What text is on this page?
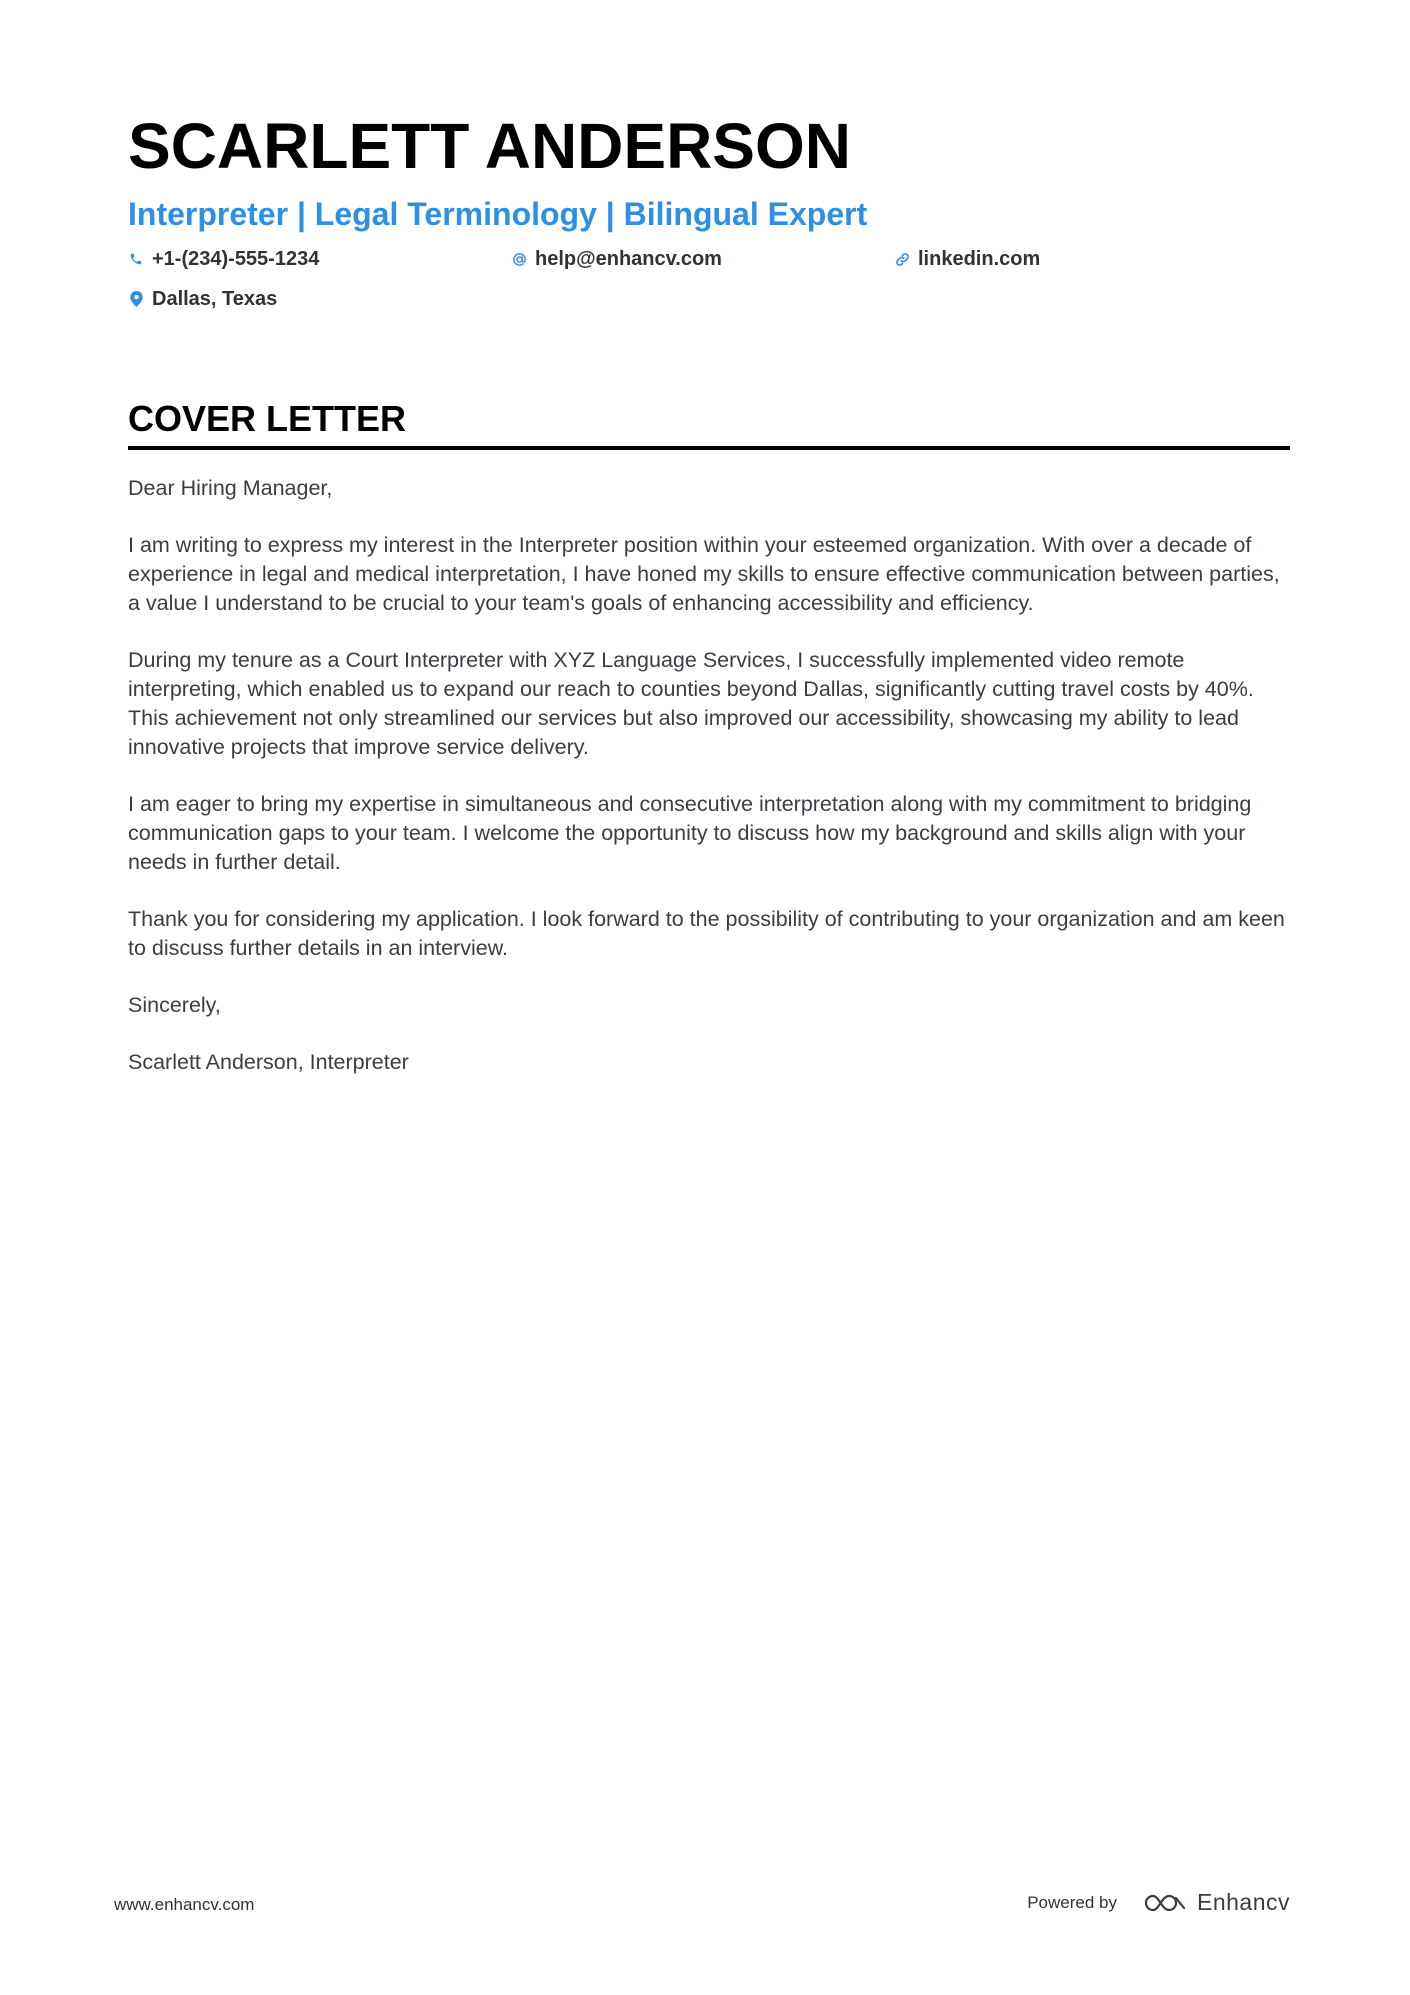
SCARLETT ANDERSON
Interpreter | Legal Terminology | Bilingual Expert
+1-(234)-555-1234	help@enhancv.com	linkedin.com
Dallas, Texas
COVER LETTER

Dear Hiring Manager,

I am writing to express my interest in the Interpreter position within your esteemed organization. With over a decade of experience in legal and medical interpretation, I have honed my skills to ensure effective communication between parties, a value I understand to be crucial to your team's goals of enhancing accessibility and efficiency.

During my tenure as a Court Interpreter with XYZ Language Services, I successfully implemented video remote interpreting, which enabled us to expand our reach to counties beyond Dallas, significantly cutting travel costs by 40%. This achievement not only streamlined our services but also improved our accessibility, showcasing my ability to lead innovative projects that improve service delivery.

I am eager to bring my expertise in simultaneous and consecutive interpretation along with my commitment to bridging communication gaps to your team. I welcome the opportunity to discuss how my background and skills align with your needs in further detail.

Thank you for considering my application. I look forward to the possibility of contributing to your organization and am keen to discuss further details in an interview.

Sincerely,

Scarlett Anderson, Interpreter

www.enhancv.com	Powered by	Enhancv
